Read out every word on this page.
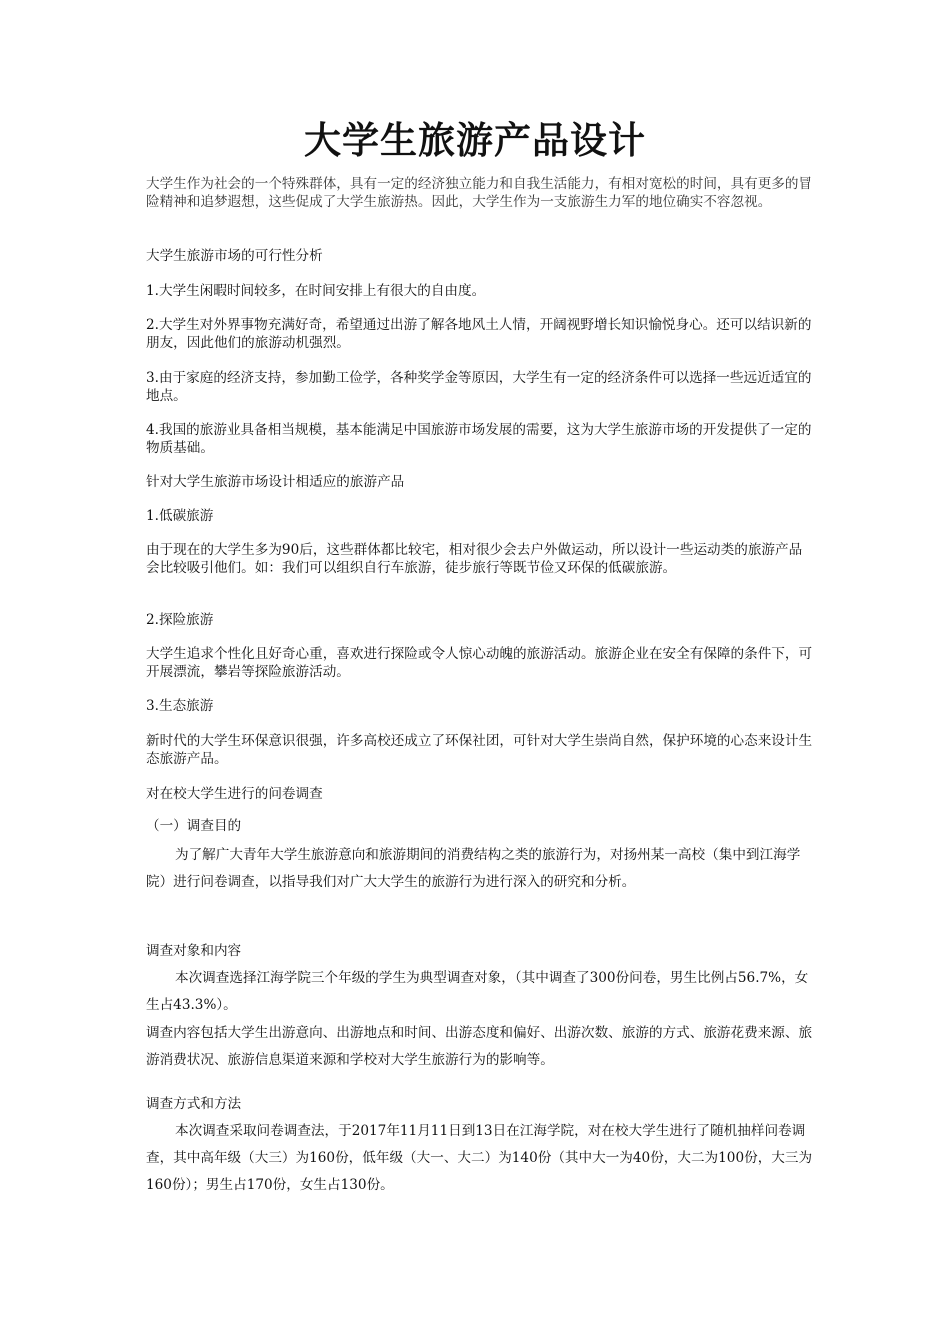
大学生旅游产品设计

大学生作为社会的一个特殊群体，具有一定的经济独立能力和自我生活能力，有相对宽松的时间，具有更多的冒险精神和追梦遐想，这些促成了大学生旅游热。因此，大学生作为一支旅游生力军的地位确实不容忽视。

大学生旅游市场的可行性分析

1.大学生闲暇时间较多，在时间安排上有很大的自由度。

2.大学生对外界事物充满好奇，希望通过出游了解各地风土人情，开阔视野增长知识愉悦身心。还可以结识新的朋友，因此他们的旅游动机强烈。

3.由于家庭的经济支持，参加勤工俭学，各种奖学金等原因，大学生有一定的经济条件可以选择一些远近适宜的地点。

4.我国的旅游业具备相当规模，基本能满足中国旅游市场发展的需要，这为大学生旅游市场的开发提供了一定的物质基础。

针对大学生旅游市场设计相适应的旅游产品

1.低碳旅游

由于现在的大学生多为90后，这些群体都比较宅，相对很少会去户外做运动，所以设计一些运动类的旅游产品会比较吸引他们。如：我们可以组织自行车旅游，徒步旅行等既节俭又环保的低碳旅游。

2.探险旅游

大学生追求个性化且好奇心重，喜欢进行探险或令人惊心动魄的旅游活动。旅游企业在安全有保障的条件下，可开展漂流，攀岩等探险旅游活动。

3.生态旅游

新时代的大学生环保意识很强，许多高校还成立了环保社团，可针对大学生崇尚自然，保护环境的心态来设计生态旅游产品。

对在校大学生进行的问卷调查

（一）调查目的

为了解广大青年大学生旅游意向和旅游期间的消费结构之类的旅游行为，对扬州某一高校（集中到江海学院）进行问卷调查，以指导我们对广大大学生的旅游行为进行深入的研究和分析。

调查对象和内容

本次调查选择江海学院三个年级的学生为典型调查对象，（其中调查了300份问卷，男生比例占56.7%，女生占43.3%）。

调查内容包括大学生出游意向、出游地点和时间、出游态度和偏好、出游次数、旅游的方式、旅游花费来源、旅游消费状况、旅游信息渠道来源和学校对大学生旅游行为的影响等。

调查方式和方法

本次调查采取问卷调查法，于2017年11月11日到13日在江海学院，对在校大学生进行了随机抽样问卷调查，其中高年级（大三）为160份，低年级（大一、大二）为140份（其中大一为40份，大二为100份，大三为160份）；男生占170份，女生占130份。
